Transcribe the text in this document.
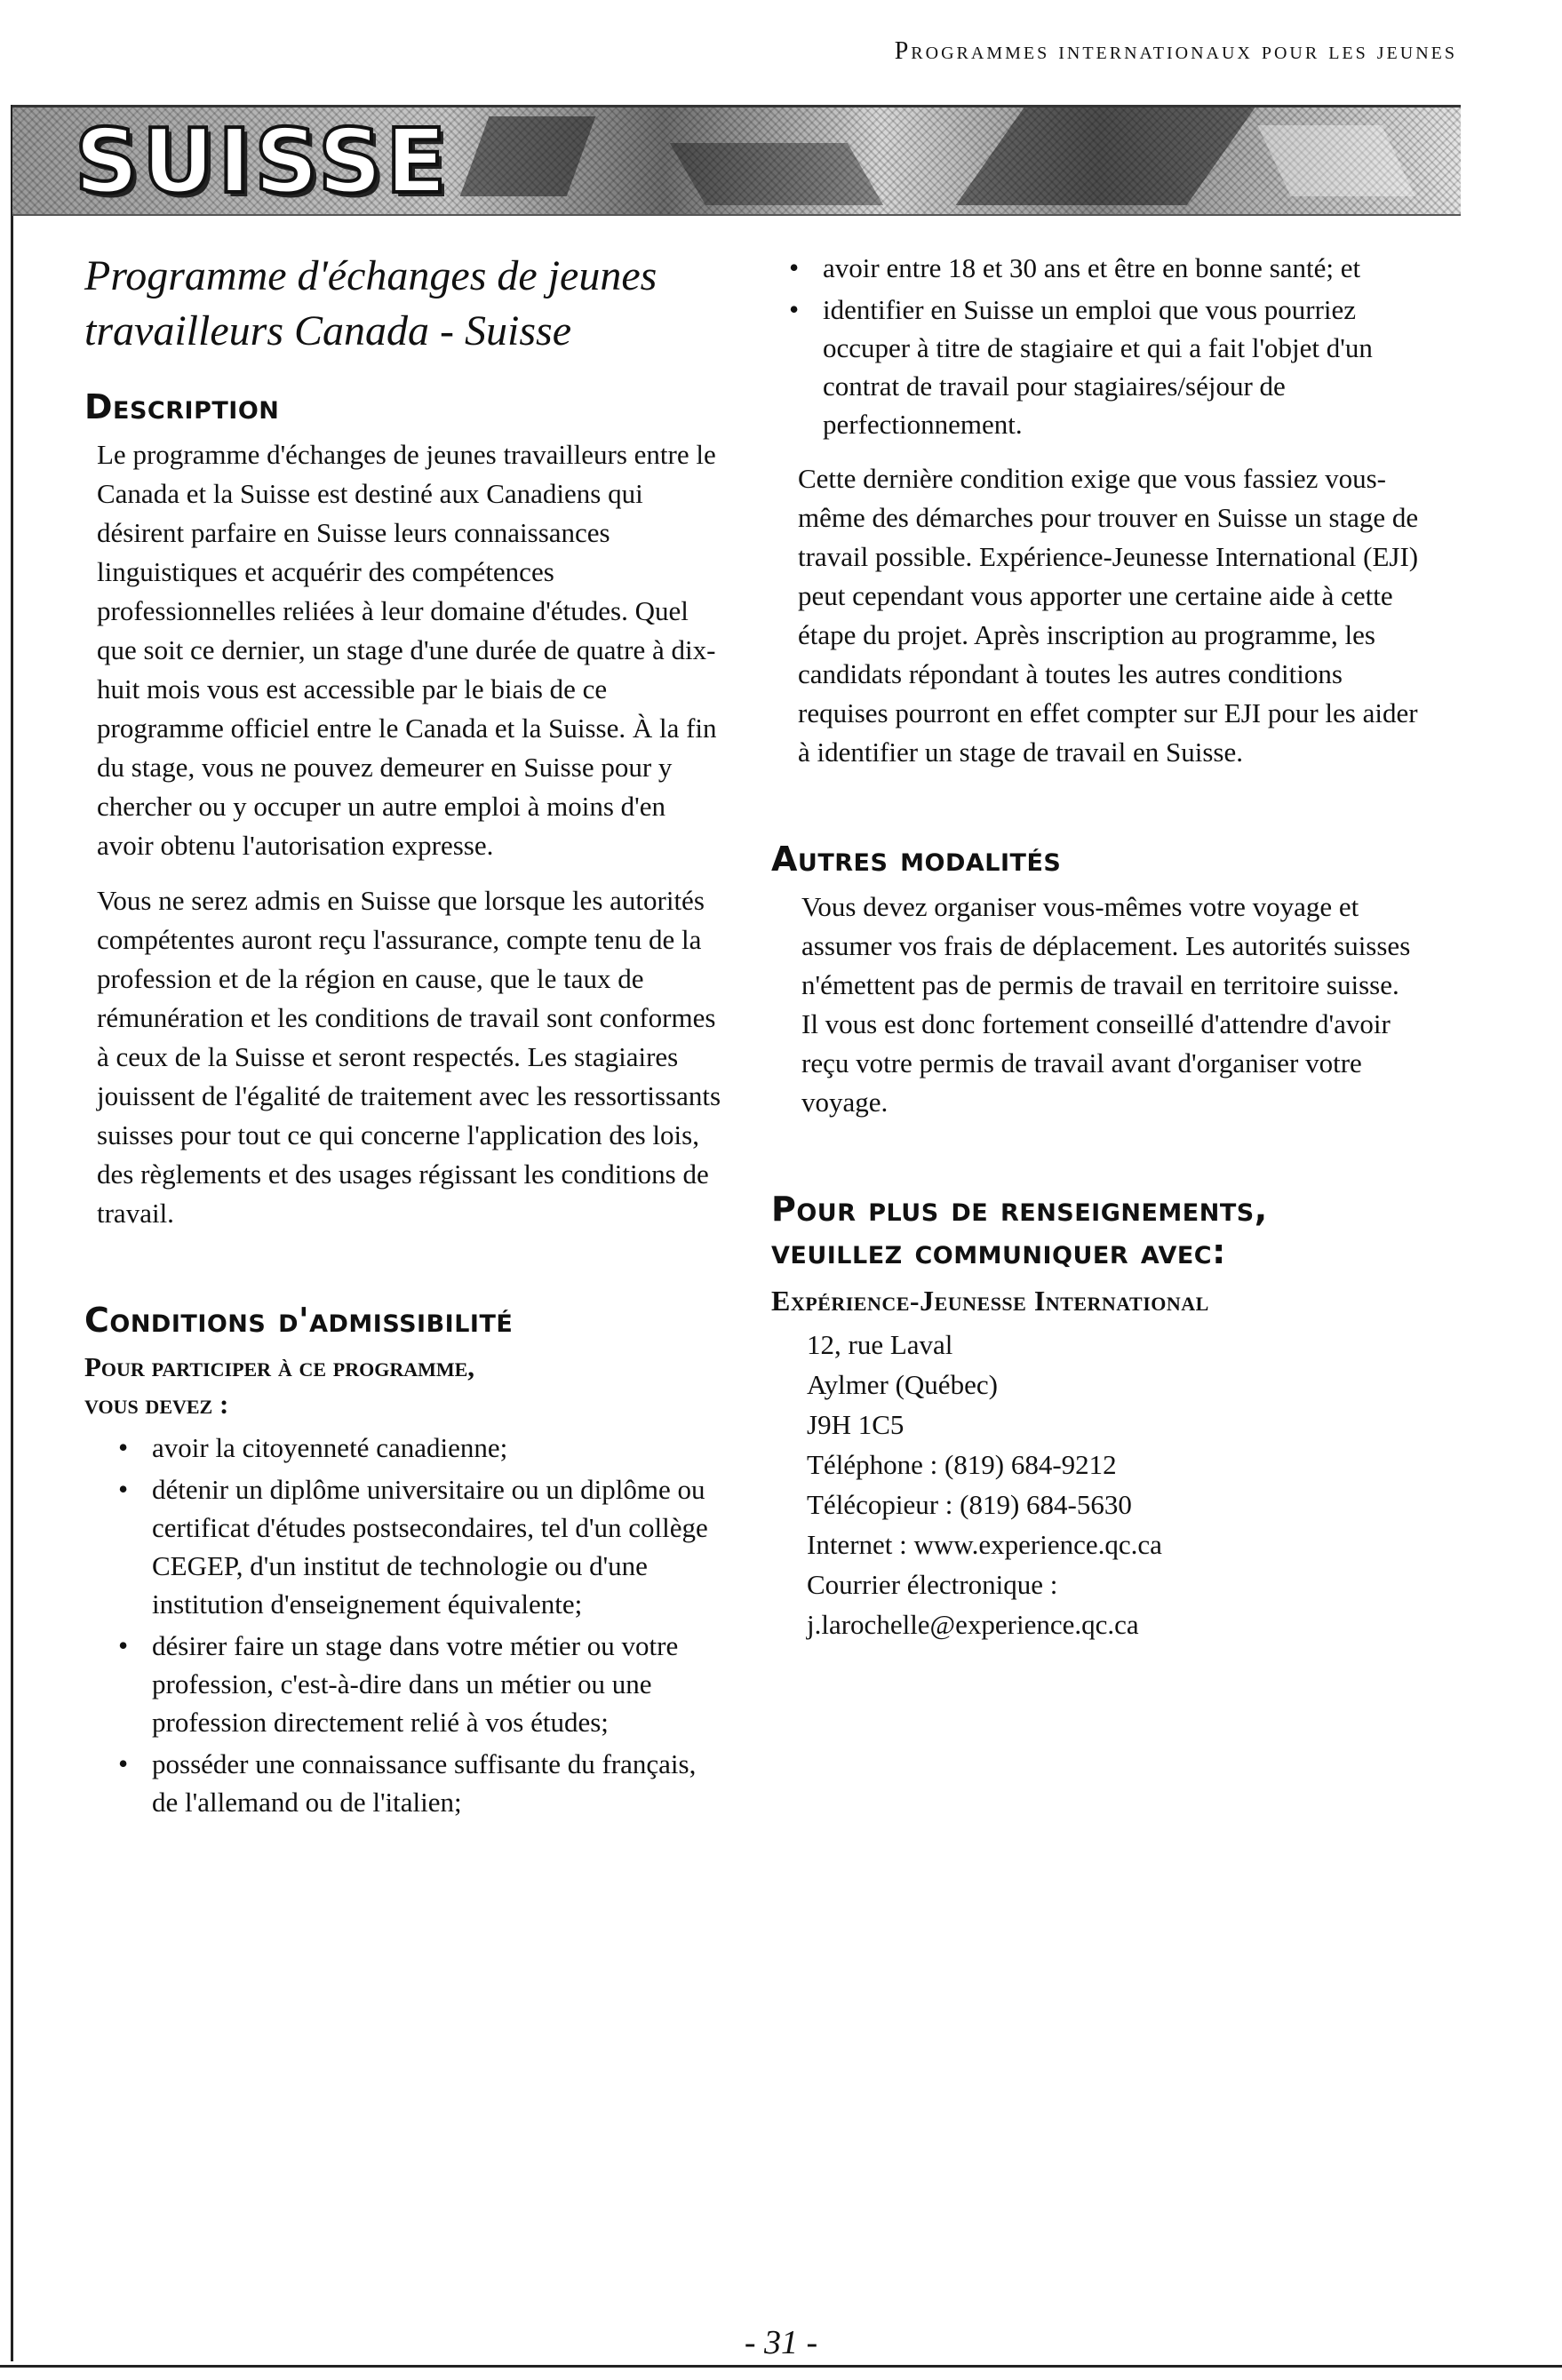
Programmes internationaux pour les jeunes
SUISSE
Programme d'échanges de jeunes
travailleurs Canada - Suisse
Description

Le programme d'échanges de jeunes travailleurs entre le Canada et la Suisse est destiné aux Canadiens qui désirent parfaire en Suisse leurs connaissances linguistiques et acquérir des compétences professionnelles reliées à leur domaine d'études. Quel que soit ce dernier, un stage d'une durée de quatre à dix-huit mois vous est accessible par le biais de ce programme officiel entre le Canada et la Suisse. À la fin du stage, vous ne pouvez demeurer en Suisse pour y chercher ou y occuper un autre emploi à moins d'en avoir obtenu l'autorisation expresse.

Vous ne serez admis en Suisse que lorsque les autorités compétentes auront reçu l'assurance, compte tenu de la profession et de la région en cause, que le taux de rémunération et les conditions de travail sont conformes à ceux de la Suisse et seront respectés. Les stagiaires jouissent de l'égalité de traitement avec les ressortissants suisses pour tout ce qui concerne l'application des lois, des règlements et des usages régissant les conditions de travail.

Conditions d'admissibilité
Pour participer à ce programme,
vous devez :
• avoir la citoyenneté canadienne;
• détenir un diplôme universitaire ou un diplôme ou certificat d'études postsecondaires, tel d'un collège CEGEP, d'un institut de technologie ou d'une institution d'enseignement équivalente;
• désirer faire un stage dans votre métier ou votre profession, c'est-à-dire dans un métier ou une profession directement relié à vos études;
• posséder une connaissance suffisante du français, de l'allemand ou de l'italien;
• avoir entre 18 et 30 ans et être en bonne santé; et
• identifier en Suisse un emploi que vous pourriez occuper à titre de stagiaire et qui a fait l'objet d'un contrat de travail pour stagiaires/séjour de perfectionnement.

Cette dernière condition exige que vous fassiez vous-même des démarches pour trouver en Suisse un stage de travail possible. Expérience-Jeunesse International (EJI) peut cependant vous apporter une certaine aide à cette étape du projet. Après inscription au programme, les candidats répondant à toutes les autres conditions requises pourront en effet compter sur EJI pour les aider à identifier un stage de travail en Suisse.

Autres modalités

Vous devez organiser vous-mêmes votre voyage et assumer vos frais de déplacement. Les autorités suisses n'émettent pas de permis de travail en territoire suisse. Il vous est donc fortement conseillé d'attendre d'avoir reçu votre permis de travail avant d'organiser votre voyage.

Pour plus de renseignements,
veuillez communiquer avec:
Expérience-Jeunesse International
12, rue Laval
Aylmer (Québec)
J9H 1C5
Téléphone : (819) 684-9212
Télécopieur : (819) 684-5630
Internet : www.experience.qc.ca
Courrier électronique :
j.larochelle@experience.qc.ca
- 31 -
